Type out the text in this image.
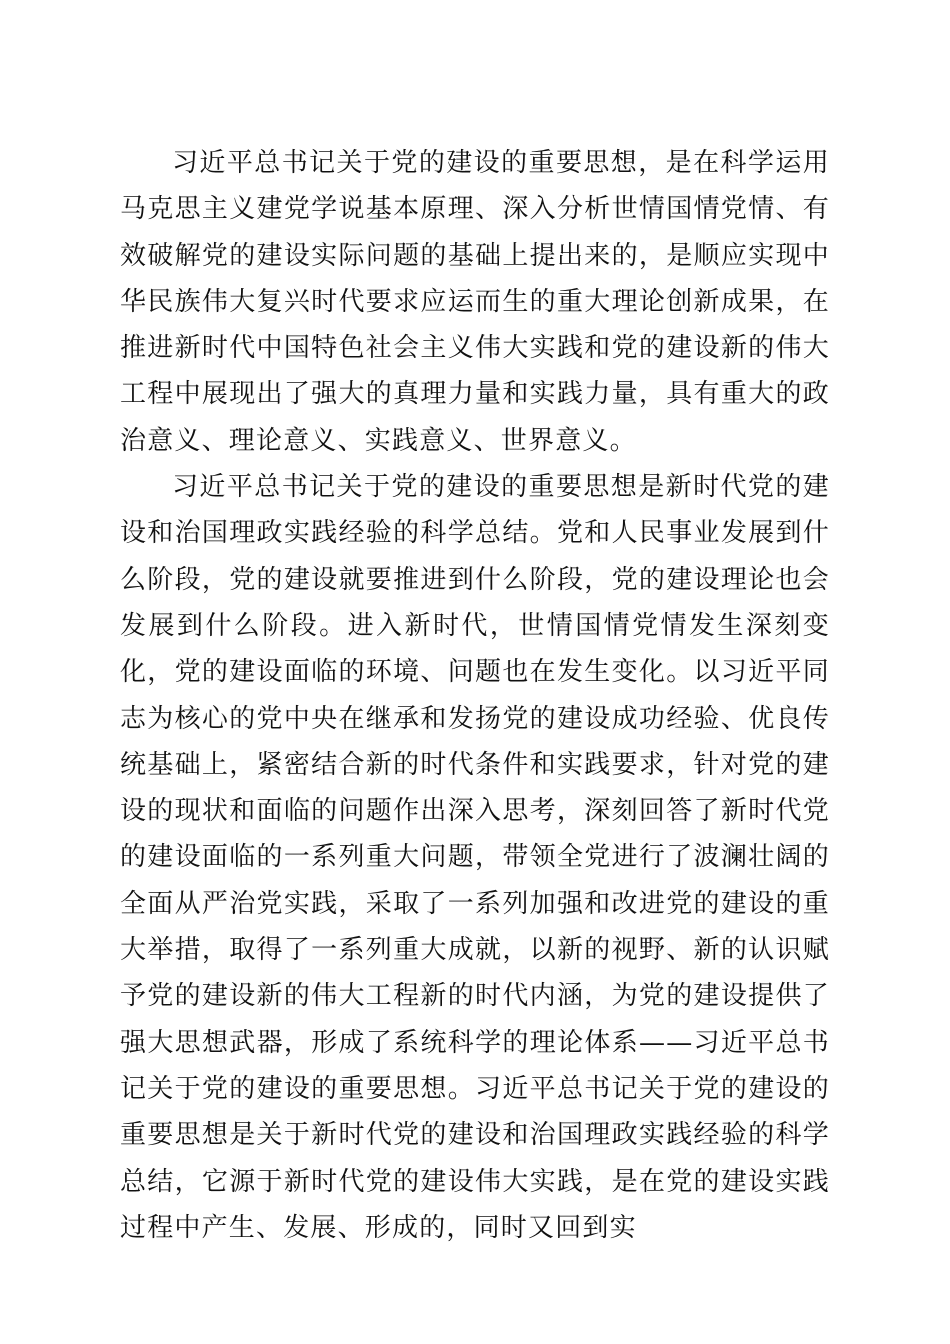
习近平总书记关于党的建设的重要思想，是在科学运用马克思主义建党学说基本原理、深入分析世情国情党情、有效破解党的建设实际问题的基础上提出来的，是顺应实现中华民族伟大复兴时代要求应运而生的重大理论创新成果，在推进新时代中国特色社会主义伟大实践和党的建设新的伟大工程中展现出了强大的真理力量和实践力量，具有重大的政治意义、理论意义、实践意义、世界意义。

习近平总书记关于党的建设的重要思想是新时代党的建设和治国理政实践经验的科学总结。党和人民事业发展到什么阶段，党的建设就要推进到什么阶段，党的建设理论也会发展到什么阶段。进入新时代，世情国情党情发生深刻变化，党的建设面临的环境、问题也在发生变化。以习近平同志为核心的党中央在继承和发扬党的建设成功经验、优良传统基础上，紧密结合新的时代条件和实践要求，针对党的建设的现状和面临的问题作出深入思考，深刻回答了新时代党的建设面临的一系列重大问题，带领全党进行了波澜壮阔的全面从严治党实践，采取了一系列加强和改进党的建设的重大举措，取得了一系列重大成就，以新的视野、新的认识赋予党的建设新的伟大工程新的时代内涵，为党的建设提供了强大思想武器，形成了系统科学的理论体系——习近平总书记关于党的建设的重要思想。习近平总书记关于党的建设的重要思想是关于新时代党的建设和治国理政实践经验的科学总结，它源于新时代党的建设伟大实践，是在党的建设实践过程中产生、发展、形成的，同时又回到实
